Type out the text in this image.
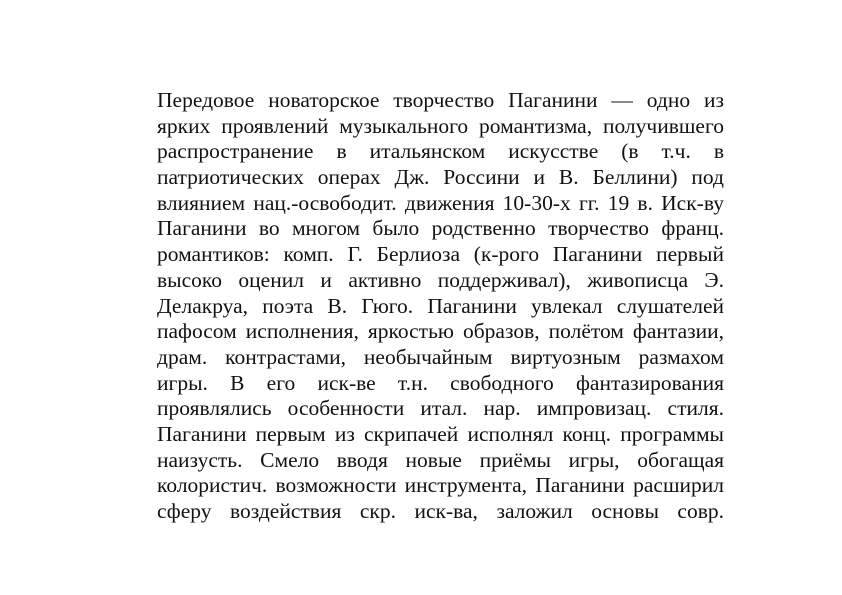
Передовое новаторское творчество Паганини — одно из
ярких проявлений музыкального романтизма, получившего
распространение в итальянском искусстве (в т.ч. в
патриотических операх Дж. Россини и В. Беллини) под
влиянием нац.-освободит. движения 10-30-х гг. 19 в. Иск-ву
Паганини во многом было родственно творчество франц.
романтиков: комп. Г. Берлиоза (к-рого Паганини первый
высоко оценил и активно поддерживал), живописца Э.
Делакруа, поэта В. Гюго. Паганини увлекал слушателей
пафосом исполнения, яркостью образов, полётом фантазии,
драм. контрастами, необычайным виртуозным размахом
игры. В его иск-ве т.н. свободного фантазирования
проявлялись особенности итал. нар. импровизац. стиля.
Паганини первым из скрипачей исполнял конц. программы
наизусть. Смело вводя новые приёмы игры, обогащая
колористич. возможности инструмента, Паганини расширил
сферу воздействия скр. иск-ва, заложил основы совр.
